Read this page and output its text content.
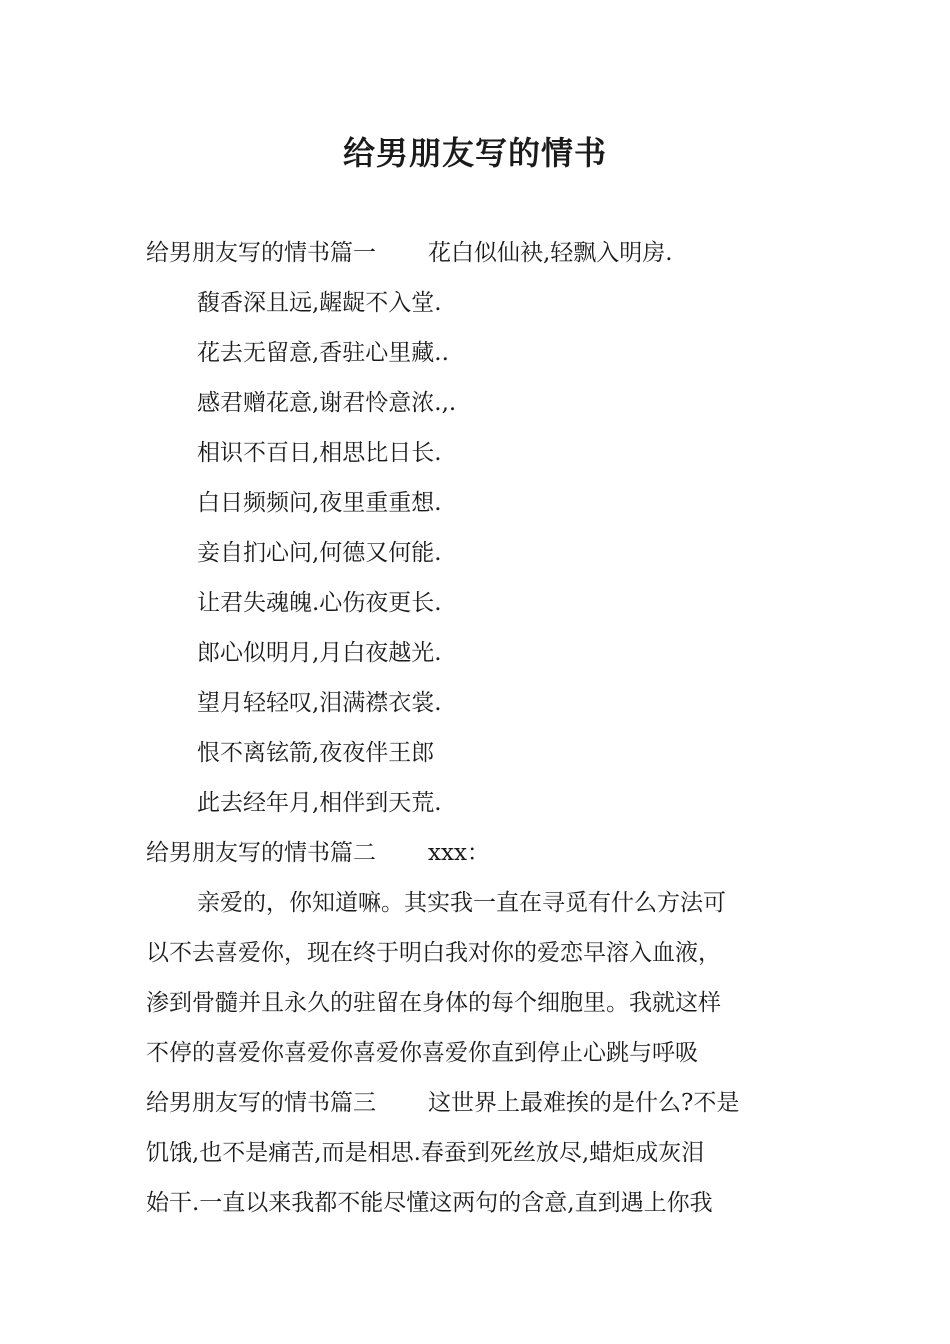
给男朋友写的情书
给男朋友写的情书篇一 花白似仙袂,轻飘入明房.
馥香深且远,龌龊不入堂.
花去无留意,香驻心里藏..
感君赠花意,谢君怜意浓.,.
相识不百日,相思比日长.
白日频频问,夜里重重想.
妾自扪心问,何德又何能.
让君失魂魄.心伤夜更长.
郎心似明月,月白夜越光.
望月轻轻叹,泪满襟衣裳.
恨不离铉箭,夜夜伴王郎
此去经年月,相伴到天荒.
给男朋友写的情书篇二 xxx：
亲爱的，你知道嘛。其实我一直在寻觅有什么方法可
以不去喜爱你，现在终于明白我对你的爱恋早溶入血液，
渗到骨髓并且永久的驻留在身体的每个细胞里。我就这样
不停的喜爱你喜爱你喜爱你喜爱你直到停止心跳与呼吸
给男朋友写的情书篇三 这世界上最难挨的是什么?不是
饥饿,也不是痛苦,而是相思.春蚕到死丝放尽,蜡炬成灰泪
始干.一直以来我都不能尽懂这两句的含意,直到遇上你我
